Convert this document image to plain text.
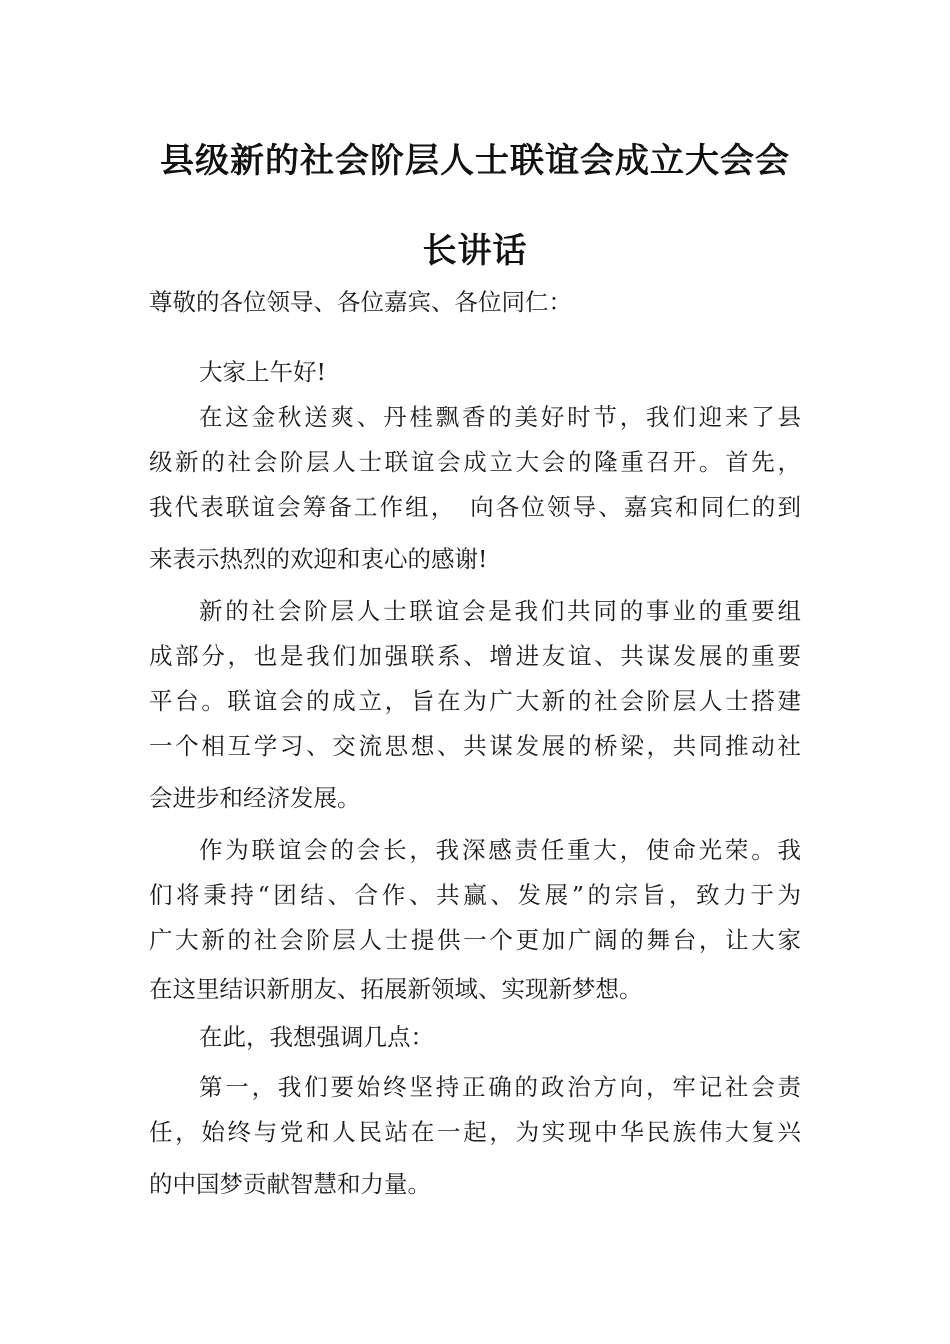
县级新的社会阶层人士联谊会成立大会会
长讲话
尊敬的各位领导、各位嘉宾、各位同仁：
大家上午好!
在这金秋送爽、丹桂飘香的美好时节，我们迎来了县
级新的社会阶层人士联谊会成立大会的隆重召开。首先，
我代表联谊会筹备工作组，　向各位领导、嘉宾和同仁的到
来表示热烈的欢迎和衷心的感谢!
新的社会阶层人士联谊会是我们共同的事业的重要组
成部分，也是我们加强联系、增进友谊、共谋发展的重要
平台。联谊会的成立，旨在为广大新的社会阶层人士搭建
一个相互学习、交流思想、共谋发展的桥梁，共同推动社
会进步和经济发展。
作为联谊会的会长，我深感责任重大，使命光荣。我
们将秉持“团结、合作、共赢、发展”的宗旨，致力于为
广大新的社会阶层人士提供一个更加广阔的舞台，让大家
在这里结识新朋友、拓展新领域、实现新梦想。
在此，我想强调几点：
第一，我们要始终坚持正确的政治方向，牢记社会责
任，始终与党和人民站在一起，为实现中华民族伟大复兴
的中国梦贡献智慧和力量。
